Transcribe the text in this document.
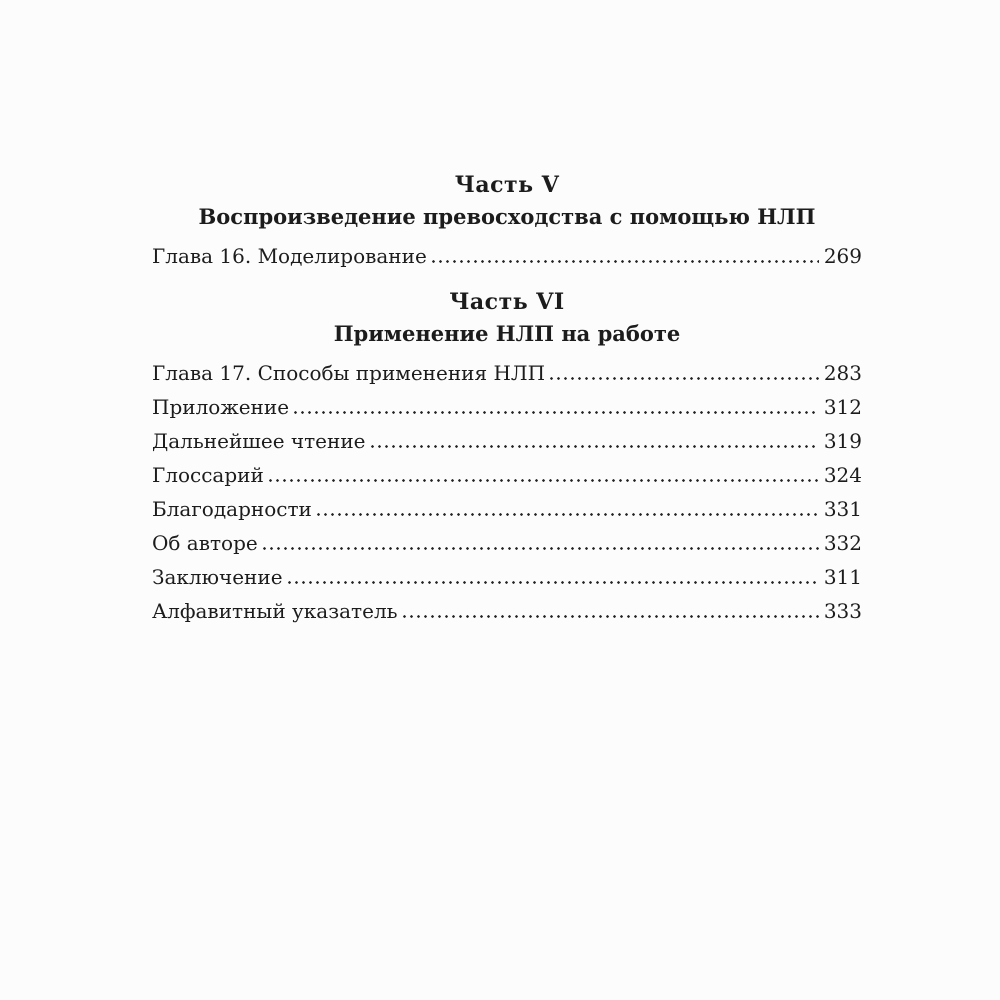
Часть V
Воспроизведение превосходства с помощью НЛП
Глава 16. Моделирование	269
Часть VI
Применение НЛП на работе
Глава 17. Способы применения НЛП	283
Приложение	312
Дальнейшее чтение	319
Глоссарий	324
Благодарности	331
Об авторе	332
Заключение	311
Алфавитный указатель	333
